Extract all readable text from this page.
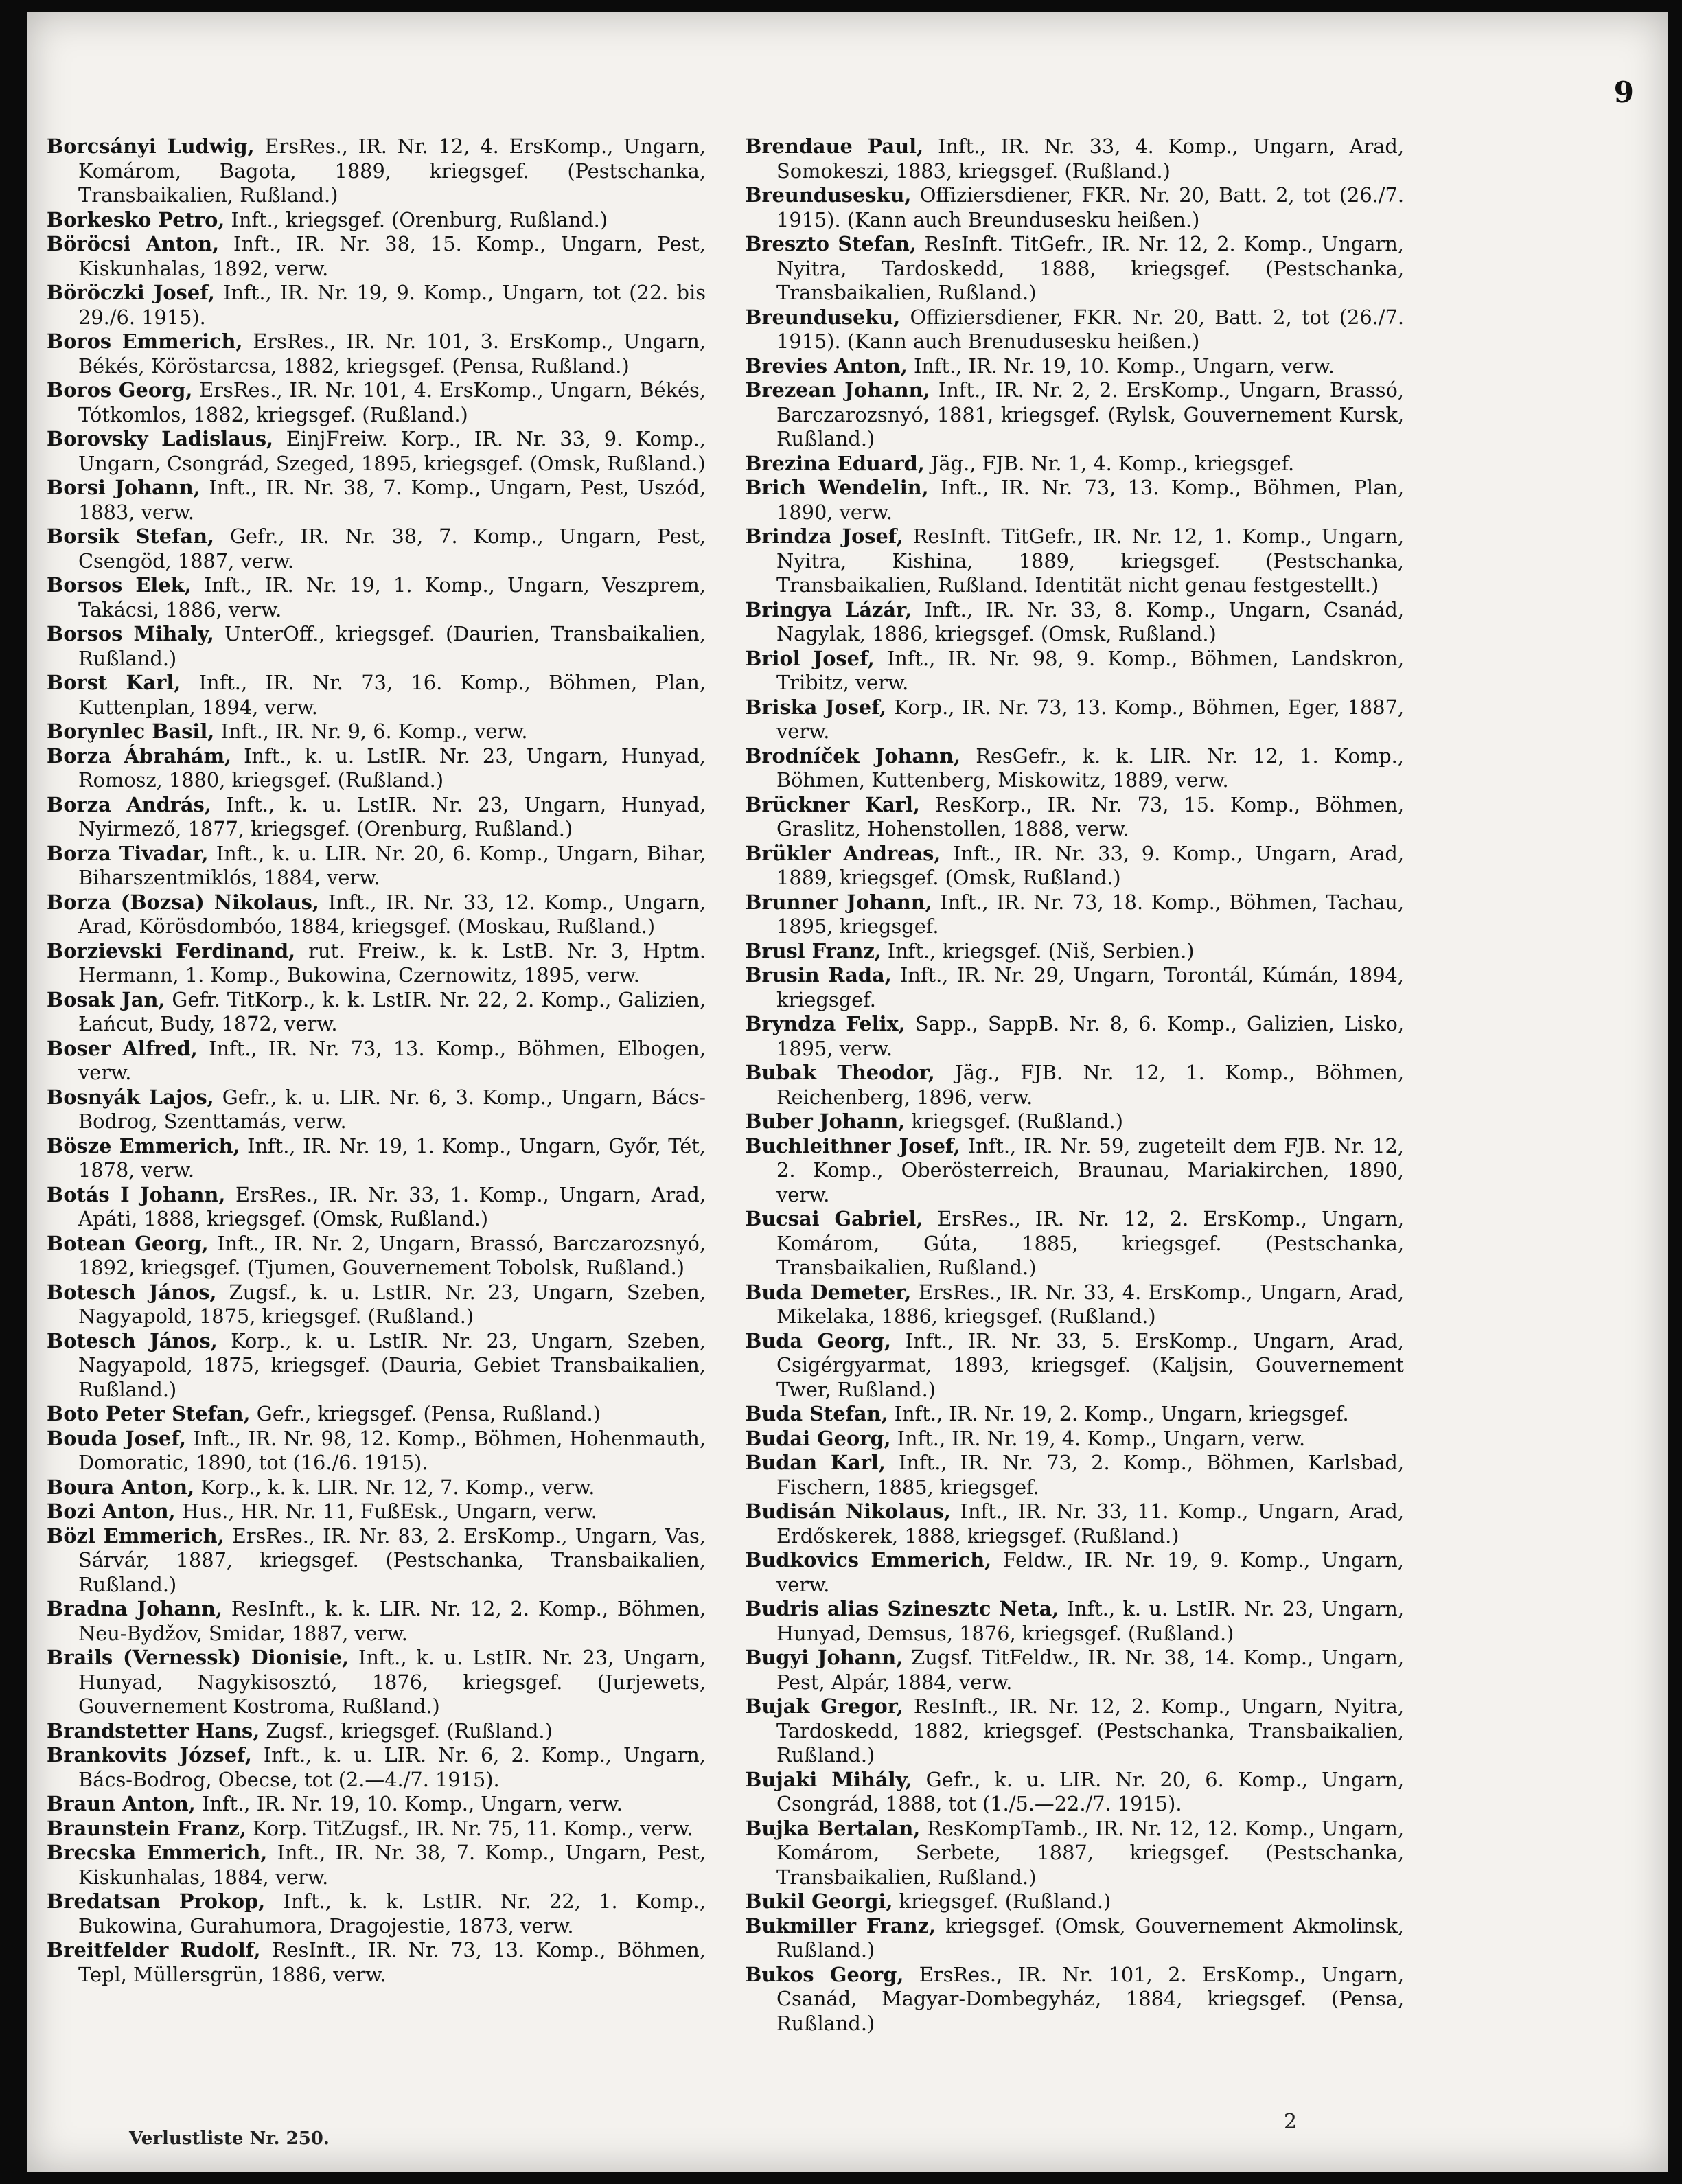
9

Borcsányi Ludwig, ErsRes., IR. Nr. 12, 4. ErsKomp., Ungarn, Komárom, Bagota, 1889, kriegsgef. (Pestschanka, Transbaikalien, Rußland.)

Borkesko Petro, Inft., kriegsgef. (Orenburg, Rußland.)

Böröcsi Anton, Inft., IR. Nr. 38, 15. Komp., Ungarn, Pest, Kiskunhalas, 1892, verw.

Böröczki Josef, Inft., IR. Nr. 19, 9. Komp., Ungarn, tot (22. bis 29./6. 1915).

Boros Emmerich, ErsRes., IR. Nr. 101, 3. ErsKomp., Ungarn, Békés, Köröstarcsa, 1882, kriegsgef. (Pensa, Rußland.)

Boros Georg, ErsRes., IR. Nr. 101, 4. ErsKomp., Ungarn, Békés, Tótkomlos, 1882, kriegsgef. (Rußland.)

Borovsky Ladislaus, EinjFreiw. Korp., IR. Nr. 33, 9. Komp., Ungarn, Csongrád, Szeged, 1895, kriegsgef. (Omsk, Rußland.)

Borsi Johann, Inft., IR. Nr. 38, 7. Komp., Ungarn, Pest, Uszód, 1883, verw.

Borsik Stefan, Gefr., IR. Nr. 38, 7. Komp., Ungarn, Pest, Csengöd, 1887, verw.

Borsos Elek, Inft., IR. Nr. 19, 1. Komp., Ungarn, Veszprem, Takácsi, 1886, verw.

Borsos Mihaly, UnterOff., kriegsgef. (Daurien, Transbaikalien, Rußland.)

Borst Karl, Inft., IR. Nr. 73, 16. Komp., Böhmen, Plan, Kuttenplan, 1894, verw.

Borynlec Basil, Inft., IR. Nr. 9, 6. Komp., verw.

Borza Ábrahám, Inft., k. u. LstIR. Nr. 23, Ungarn, Hunyad, Romosz, 1880, kriegsgef. (Rußland.)

Borza András, Inft., k. u. LstIR. Nr. 23, Ungarn, Hunyad, Nyirmező, 1877, kriegsgef. (Orenburg, Rußland.)

Borza Tivadar, Inft., k. u. LIR. Nr. 20, 6. Komp., Ungarn, Bihar, Biharszentmiklós, 1884, verw.

Borza (Bozsa) Nikolaus, Inft., IR. Nr. 33, 12. Komp., Ungarn, Arad, Körösdombóo, 1884, kriegsgef. (Moskau, Rußland.)

Borzievski Ferdinand, rut. Freiw., k. k. LstB. Nr. 3, Hptm. Hermann, 1. Komp., Bukowina, Czernowitz, 1895, verw.

Bosak Jan, Gefr. TitKorp., k. k. LstIR. Nr. 22, 2. Komp., Galizien, Łańcut, Budy, 1872, verw.

Boser Alfred, Inft., IR. Nr. 73, 13. Komp., Böhmen, Elbogen, verw.

Bosnyák Lajos, Gefr., k. u. LIR. Nr. 6, 3. Komp., Ungarn, Bács-Bodrog, Szenttamás, verw.

Bösze Emmerich, Inft., IR. Nr. 19, 1. Komp., Ungarn, Győr, Tét, 1878, verw.

Botás I Johann, ErsRes., IR. Nr. 33, 1. Komp., Ungarn, Arad, Apáti, 1888, kriegsgef. (Omsk, Rußland.)

Botean Georg, Inft., IR. Nr. 2, Ungarn, Brassó, Barczarozsnyó, 1892, kriegsgef. (Tjumen, Gouvernement Tobolsk, Rußland.)

Botesch János, Zugsf., k. u. LstIR. Nr. 23, Ungarn, Szeben, Nagyapold, 1875, kriegsgef. (Rußland.)

Botesch János, Korp., k. u. LstIR. Nr. 23, Ungarn, Szeben, Nagyapold, 1875, kriegsgef. (Dauria, Gebiet Transbaikalien, Rußland.)

Boto Peter Stefan, Gefr., kriegsgef. (Pensa, Rußland.)

Bouda Josef, Inft., IR. Nr. 98, 12. Komp., Böhmen, Hohenmauth, Domoratic, 1890, tot (16./6. 1915).

Boura Anton, Korp., k. k. LIR. Nr. 12, 7. Komp., verw.

Bozi Anton, Hus., HR. Nr. 11, FußEsk., Ungarn, verw.

Bözl Emmerich, ErsRes., IR. Nr. 83, 2. ErsKomp., Ungarn, Vas, Sárvár, 1887, kriegsgef. (Pestschanka, Transbaikalien, Rußland.)

Bradna Johann, ResInft., k. k. LIR. Nr. 12, 2. Komp., Böhmen, Neu-Bydžov, Smidar, 1887, verw.

Brails (Vernessk) Dionisie, Inft., k. u. LstIR. Nr. 23, Ungarn, Hunyad, Nagykisosztó, 1876, kriegsgef. (Jurjewets, Gouvernement Kostroma, Rußland.)

Brandstetter Hans, Zugsf., kriegsgef. (Rußland.)

Brankovits József, Inft., k. u. LIR. Nr. 6, 2. Komp., Ungarn, Bács-Bodrog, Obecse, tot (2.—4./7. 1915).

Braun Anton, Inft., IR. Nr. 19, 10. Komp., Ungarn, verw.

Braunstein Franz, Korp. TitZugsf., IR. Nr. 75, 11. Komp., verw.

Brecska Emmerich, Inft., IR. Nr. 38, 7. Komp., Ungarn, Pest, Kiskunhalas, 1884, verw.

Bredatsan Prokop, Inft., k. k. LstIR. Nr. 22, 1. Komp., Bukowina, Gurahumora, Dragojestie, 1873, verw.

Breitfelder Rudolf, ResInft., IR. Nr. 73, 13. Komp., Böhmen, Tepl, Müllersgrün, 1886, verw.

Brendaue Paul, Inft., IR. Nr. 33, 4. Komp., Ungarn, Arad, Somokeszi, 1883, kriegsgef. (Rußland.)

Breundusesku, Offiziersdiener, FKR. Nr. 20, Batt. 2, tot (26./7. 1915). (Kann auch Breundusesku heißen.)

Breszto Stefan, ResInft. TitGefr., IR. Nr. 12, 2. Komp., Ungarn, Nyitra, Tardoskedd, 1888, kriegsgef. (Pestschanka, Transbaikalien, Rußland.)

Breunduseku, Offiziersdiener, FKR. Nr. 20, Batt. 2, tot (26./7. 1915). (Kann auch Brenudusesku heißen.)

Brevies Anton, Inft., IR. Nr. 19, 10. Komp., Ungarn, verw.

Brezean Johann, Inft., IR. Nr. 2, 2. ErsKomp., Ungarn, Brassó, Barczarozsnyó, 1881, kriegsgef. (Rylsk, Gouvernement Kursk, Rußland.)

Brezina Eduard, Jäg., FJB. Nr. 1, 4. Komp., kriegsgef.

Brich Wendelin, Inft., IR. Nr. 73, 13. Komp., Böhmen, Plan, 1890, verw.

Brindza Josef, ResInft. TitGefr., IR. Nr. 12, 1. Komp., Ungarn, Nyitra, Kishina, 1889, kriegsgef. (Pestschanka, Transbaikalien, Rußland. Identität nicht genau festgestellt.)

Bringya Lázár, Inft., IR. Nr. 33, 8. Komp., Ungarn, Csanád, Nagylak, 1886, kriegsgef. (Omsk, Rußland.)

Briol Josef, Inft., IR. Nr. 98, 9. Komp., Böhmen, Landskron, Tribitz, verw.

Briska Josef, Korp., IR. Nr. 73, 13. Komp., Böhmen, Eger, 1887, verw.

Brodníček Johann, ResGefr., k. k. LIR. Nr. 12, 1. Komp., Böhmen, Kuttenberg, Miskowitz, 1889, verw.

Brückner Karl, ResKorp., IR. Nr. 73, 15. Komp., Böhmen, Graslitz, Hohenstollen, 1888, verw.

Brükler Andreas, Inft., IR. Nr. 33, 9. Komp., Ungarn, Arad, 1889, kriegsgef. (Omsk, Rußland.)

Brunner Johann, Inft., IR. Nr. 73, 18. Komp., Böhmen, Tachau, 1895, kriegsgef.

Brusl Franz, Inft., kriegsgef. (Niš, Serbien.)

Brusin Rada, Inft., IR. Nr. 29, Ungarn, Torontál, Kúmán, 1894, kriegsgef.

Bryndza Felix, Sapp., SappB. Nr. 8, 6. Komp., Galizien, Lisko, 1895, verw.

Bubak Theodor, Jäg., FJB. Nr. 12, 1. Komp., Böhmen, Reichenberg, 1896, verw.

Buber Johann, kriegsgef. (Rußland.)

Buchleithner Josef, Inft., IR. Nr. 59, zugeteilt dem FJB. Nr. 12, 2. Komp., Oberösterreich, Braunau, Mariakirchen, 1890, verw.

Bucsai Gabriel, ErsRes., IR. Nr. 12, 2. ErsKomp., Ungarn, Komárom, Gúta, 1885, kriegsgef. (Pestschanka, Transbaikalien, Rußland.)

Buda Demeter, ErsRes., IR. Nr. 33, 4. ErsKomp., Ungarn, Arad, Mikelaka, 1886, kriegsgef. (Rußland.)

Buda Georg, Inft., IR. Nr. 33, 5. ErsKomp., Ungarn, Arad, Csigérgyarmat, 1893, kriegsgef. (Kaljsin, Gouvernement Twer, Rußland.)

Buda Stefan, Inft., IR. Nr. 19, 2. Komp., Ungarn, kriegsgef.

Budai Georg, Inft., IR. Nr. 19, 4. Komp., Ungarn, verw.

Budan Karl, Inft., IR. Nr. 73, 2. Komp., Böhmen, Karlsbad, Fischern, 1885, kriegsgef.

Budisán Nikolaus, Inft., IR. Nr. 33, 11. Komp., Ungarn, Arad, Erdőskerek, 1888, kriegsgef. (Rußland.)

Budkovics Emmerich, Feldw., IR. Nr. 19, 9. Komp., Ungarn, verw.

Budris alias Szinesztc Neta, Inft., k. u. LstIR. Nr. 23, Ungarn, Hunyad, Demsus, 1876, kriegsgef. (Rußland.)

Bugyi Johann, Zugsf. TitFeldw., IR. Nr. 38, 14. Komp., Ungarn, Pest, Alpár, 1884, verw.

Bujak Gregor, ResInft., IR. Nr. 12, 2. Komp., Ungarn, Nyitra, Tardoskedd, 1882, kriegsgef. (Pestschanka, Transbaikalien, Rußland.)

Bujaki Mihály, Gefr., k. u. LIR. Nr. 20, 6. Komp., Ungarn, Csongrád, 1888, tot (1./5.—22./7. 1915).

Bujka Bertalan, ResKompTamb., IR. Nr. 12, 12. Komp., Ungarn, Komárom, Serbete, 1887, kriegsgef. (Pestschanka, Transbaikalien, Rußland.)

Bukil Georgi, kriegsgef. (Rußland.)

Bukmiller Franz, kriegsgef. (Omsk, Gouvernement Akmolinsk, Rußland.)

Bukos Georg, ErsRes., IR. Nr. 101, 2. ErsKomp., Ungarn, Csanád, Magyar-Dombegyház, 1884, kriegsgef. (Pensa, Rußland.)

Verlustliste Nr. 250.
2
